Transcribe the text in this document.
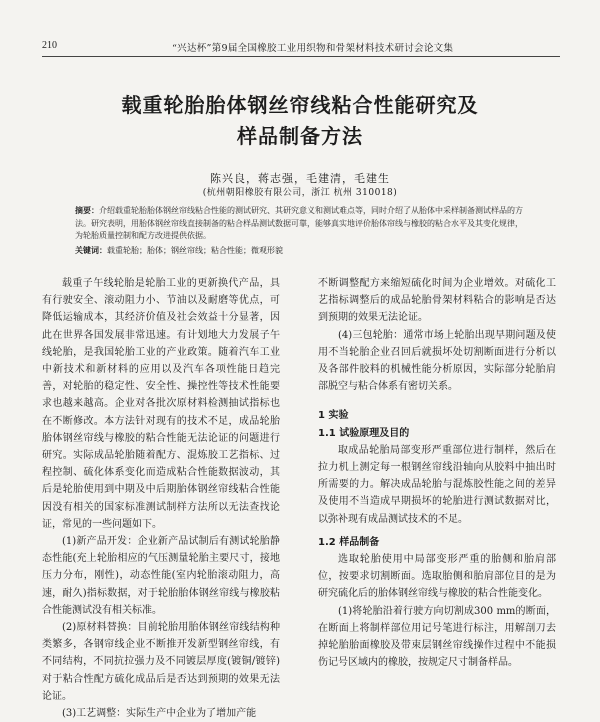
210	“兴达杯”第9届全国橡胶工业用织物和骨架材料技术研讨会论文集
载重轮胎胎体钢丝帘线粘合性能研究及
样品制备方法
陈兴良，蒋志强，毛建清，毛建生
(杭州朝阳橡胶有限公司，浙江 杭州 310018)
摘要：介绍载重轮胎胎体钢丝帘线粘合性能的测试研究、其研究意义和测试难点等，同时介绍了从胎体中采样制备测试样品的方法。研究表明，用胎体钢丝帘线直接制备的粘合样品测试数据可靠，能够真实地评价胎体帘线与橡胶的粘合水平及其变化规律，为轮胎质量控制和配方改进提供依据。
关键词：载重轮胎；胎体；钢丝帘线；粘合性能；微观形貌

载重子午线轮胎是轮胎工业的更新换代产品，具有行驶安全、滚动阻力小、节油以及耐磨等优点，可降低运输成本，其经济价值及社会效益十分显著，因此在世界各国发展非常迅速。有计划地大力发展子午线轮胎，是我国轮胎工业的产业政策。随着汽车工业中新技术和新材料的应用以及汽车各项性能日趋完善，对轮胎的稳定性、安全性、操控性等技术性能要求也越来越高。企业对各批次原材料检测抽试指标也在不断修改。本方法针对现有的技术不足，成品轮胎胎体钢丝帘线与橡胶的粘合性能无法论证的问题进行研究。实际成品轮胎随着配方、混炼胶工艺指标、过程控制、硫化体系变化而造成粘合性能数据波动，其后是轮胎使用到中期及中后期胎体钢丝帘线粘合性能因没有相关的国家标准测试制样方法所以无法查找论证，常见的一些问题如下。

(1)新产品开发：企业新产品试制后有测试轮胎静态性能(充上轮胎相应的气压测量轮胎主要尺寸，接地压力分布，刚性)，动态性能(室内轮胎滚动阻力，高速，耐久)指标数据，对于轮胎胎体钢丝帘线与橡胶粘合性能测试没有相关标准。

(2)原材料替换：目前轮胎用胎体钢丝帘线结构种类繁多，各钢帘线企业不断推开发新型钢丝帘线，有不同结构，不同抗拉强力及不同镀层厚度(镀铜/镀锌)对于粘合性配方硫化成品后是否达到预期的效果无法论证。

(3)工艺调整：实际生产中企业为了增加产能

不断调整配方来缩短硫化时间为企业增效。对硫化工艺指标调整后的成品轮胎骨架材料粘合的影响是否达到预期的效果无法论证。

(4)三包轮胎：通常市场上轮胎出现早期问题及使用不当轮胎企业召回后就损坏处切割断面进行分析以及各部件胶料的机械性能分析原因，实际部分轮胎肩部脱空与粘合体系有密切关系。

1 实验
1.1 试验原理及目的

取成品轮胎局部变形严重部位进行制样，然后在拉力机上测定每一根钢丝帘线沿轴向从胶料中抽出时所需要的力。解决成品轮胎与混炼胶性能之间的差异及使用不当造成早期损坏的轮胎进行测试数据对比，以弥补现有成品测试技术的不足。

1.2 样品制备

选取轮胎使用中局部变形严重的胎侧和胎肩部位，按要求切割断面。选取胎侧和胎肩部位目的是为研究硫化后的胎体钢丝帘线与橡胶的粘合性能变化。

(1)将轮胎沿着行驶方向切割成300 mm的断面，在断面上将制样部位用记号笔进行标注，用解剖刀去掉轮胎胎面橡胶及带束层钢丝帘线操作过程中不能损伤记号区域内的橡胶，按规定尺寸制备样品。
